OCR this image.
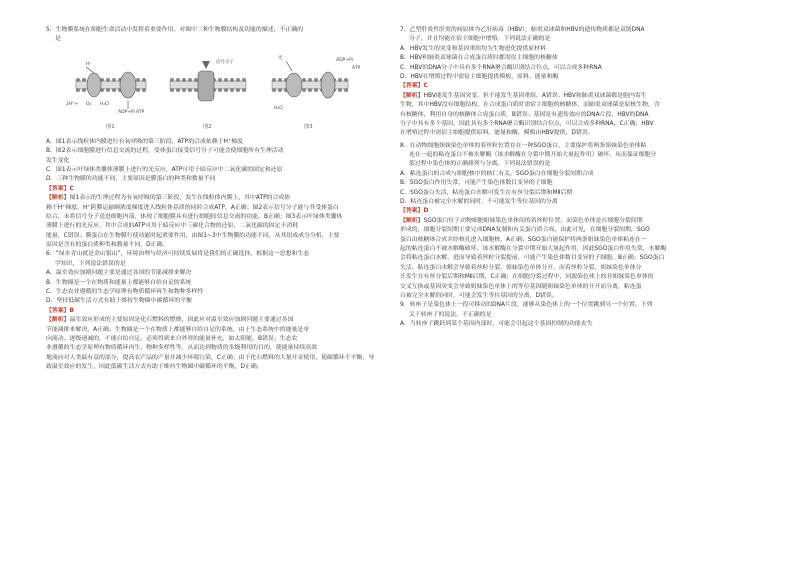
5．生物膜系统在细胞生命活动中发挥着重要作用。对图中三种生物膜结构及功能的描述，不正确的
是
2H⁺+ O₂ H₂O
ADP+Pi ATP
H⁺	信号分子
光
H₂O
ADP+Pi
ATP
图1	图2	图3
A．图1表示线粒体内膜进行有氧呼吸的第三阶段，ATP的合成依赖于H⁺梯度
B．图2表示细胞膜进行信息交流的过程，受体蛋白接受信号分子可能会使细胞所有生理活动
发生变化
C．图1表示叶绿体类囊体薄膜上进行的光反应，ATP可用于暗反应中二氧化碳的固定和还原
D．三种生物膜的功能不同，主要原因是膜蛋白的种类和数量不同
【答案】C
【解析】图1表示的生理过程为有氧呼吸的第三阶段，发生在线粒体内膜上，其中ATP的合成依
赖于H⁺梯度，H⁺跨膜运输顺浓度梯度进入线粒体基质的同时合成ATP，A正确；图2表示信号分子能与其受体蛋白
结合，未将信号分子送进细胞内部，体现了细胞膜具有进行细胞间信息交流的功能，B正确；图3表示叶绿体类囊体
薄膜上进行的光反应，其中合成的ATP可用于暗反应中三碳化合物的还原，二氧化碳的固定不消耗
能量，C错误；膜蛋白在生物膜行使功能时起重要作用，由图1~3中生物膜的功能不同，从其组成成分分析，主要
原因是含有的蛋白质种类和数量不同，D正确。
6．“绿水青山就是金山银山”，环境治理与经济可持续发展将是我们的正确选择。根据这一思想和生态
学知识，下列说法错误的是
A．温室效应加剧问题主要是通过各国的节能减排来解决
B．生物圈是一个在物质和能量上都能够自给自足的系统
C．生态农业遵循的生态学原理有物质循环再生和物种多样性
D．坚持低碳生活方式有助于维持生物圈中碳循环的平衡
【答案】B
【解析】温室效应形成的主要原因是化石燃料的燃烧，因此应对温室效应加剧问题主要通过各国
节能减排来解决，A正确；生物圈是一个在物质上都能够自给自足的系统，由于生态系统中的能量是单
向流动、逐级递减的，不能自给自足，必须得到来自外界的能量补充，如太阳能，B错误；生态农
业遵循的生态学原理有物质循环再生、物种多样性等，从而达到物质的多级利用的目的，使能量持续高效
地流向对人类最有益的部分，提高农产品的产量并减少环境污染，C正确；由于化石燃料的大量开采使用，使碳循环不平衡，导
致温室效应的发生，因此低碳生活方式有助于维持生物圈中碳循环的平衡，D正确。
7．乙型肝炎性肝炎的病原体为乙肝病毒（HBV），肺炎双球菌和HBV的遗传物质都是双链DNA
分子，并且均能在宿主细胞中增殖。下列说法正确的是
A．HBV发生的突变和基因重组均为生物进化提供原材料
B．HBV和肺炎双球菌在合成蛋白质时都需宿主细胞的核糖体
C．HBV的DNA分子中具有多个RNA聚合酶识别结合位点，可以合成多种RNA
D．HBV在增殖过程中需宿主细胞提供模板、原料、能量和酶
【答案】C
【解析】HBV能发生基因突变，但不能发生基因重组，A错误；HBV和肺炎双球菌都是胞内寄生
生物，其中HBV没有细胞结构，在合成蛋白质时需宿主细胞的核糖体，而肺炎双球菌是原核生物，含
有核糖体，利用自身的核糖体合成蛋白质，B错误；基因是有遗传效应的DNA片段，HBV的DNA
分子中具有多个基因，因此具有多个RNA聚合酶识别结合位点，可以合成多种RNA，C正确；HBV
在增殖过程中需宿主细胞提供原料、能量和酶，模板由HBV提供，D错误。
8．在动物细胞姐妹染色单体的着丝粒位置存在一种SGO蛋白，主要保护将两条姐妹染色单体粘
连在一起的粘连蛋白不被水解酶（该水解酶在分裂中期开始大量起作用）破坏，从而保证细胞分
裂过程中染色体的正确排列与分离。下列说法错误的是
A．粘连蛋白的合成与细胞核中的核仁有关，SGO蛋白在细胞分裂间期合成
B．SGO蛋白作用失常，可能产生染色体数目变异的子细胞
C．SGO蛋白失活，粘连蛋白水解可发生在有丝分裂后期和MⅡ后期
D．粘连蛋白被完全水解的同时，不可能发生等位基因的分离
【答案】D
【解析】SGO蛋白位于动物细胞姐妹染色单体间的着丝粒位置，而染色单体是在细胞分裂间期
形成的，细胞分裂间期主要完成DNA复制和有关蛋白质合成，由此可见，在细胞分裂间期，SGO
蛋白由核糖体合成并经核孔进入细胞核，A正确；SGO蛋白能保护将两条姐妹染色单体粘连在一
起的粘连蛋白不被水解酶破坏，该水解酶在分裂中期开始大量起作用，因此SGO蛋白作用失常，水解酶
会将粘连蛋白水解，进而导致着丝粒分裂提前，可能产生染色体数目变异的子细胞，B正确；SGO蛋白
失活、粘连蛋白水解会导致着丝粒分裂，姐妹染色单体分开，而着丝粒分裂、姐妹染色单体分
开发生在有丝分裂后期和MⅡ后期，C正确；在细胞分裂过程中，同源染色体上的非姐妹染色单体的
交叉互换或基因突变会导致姐妹染色单体上的等位基因随姐妹染色单体的分开而分离，粘连蛋
白被完全水解的同时，可能会发生等位基因的分离，D错误。
9．转座子是染色体上一段可移动的DNA片段，能够从染色体上的一个位置跳到另一个位置。下列
关于转座子的说法，不正确的是
A．当转座子跳跃到某个基因内部时，可能会引起这个基因控制的功能丧失
